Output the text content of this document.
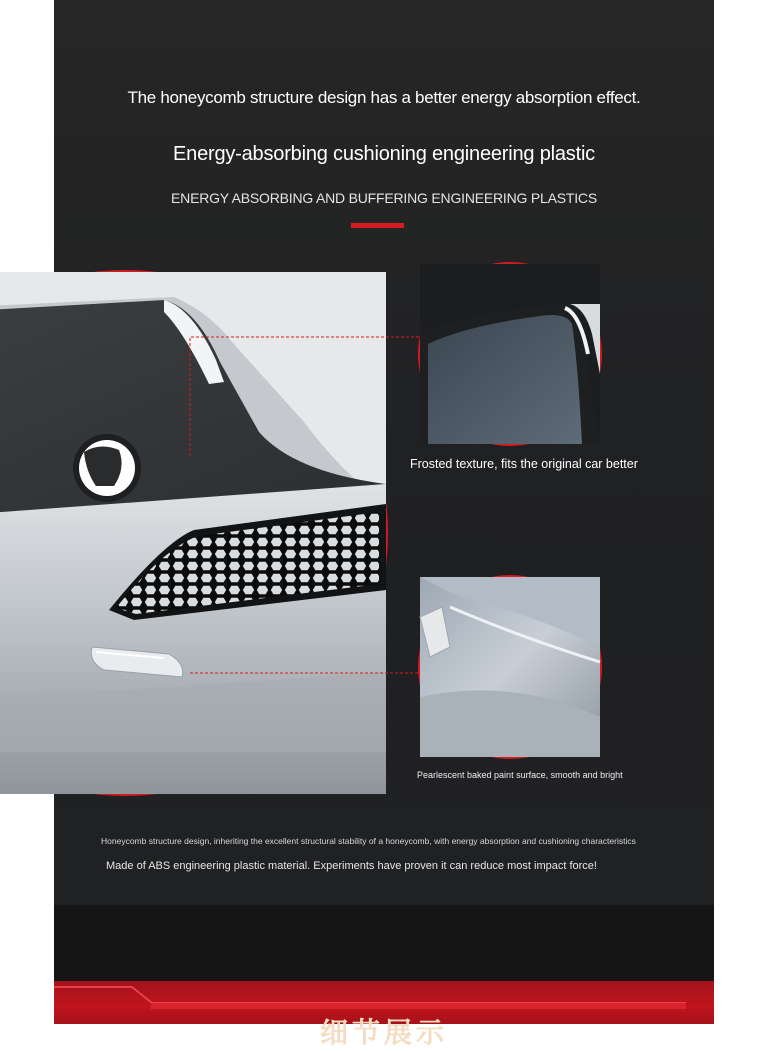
The honeycomb structure design has a better energy absorption effect.
Energy-absorbing cushioning engineering plastic
ENERGY ABSORBING AND BUFFERING ENGINEERING PLASTICS
Frosted texture, fits the original car better
Pearlescent baked paint surface, smooth and bright
Honeycomb structure design, inheriting the excellent structural stability of a honeycomb, with energy absorption and cushioning characteristics
Made of ABS engineering plastic material. Experiments have proven it can reduce most impact force!
细节展示
